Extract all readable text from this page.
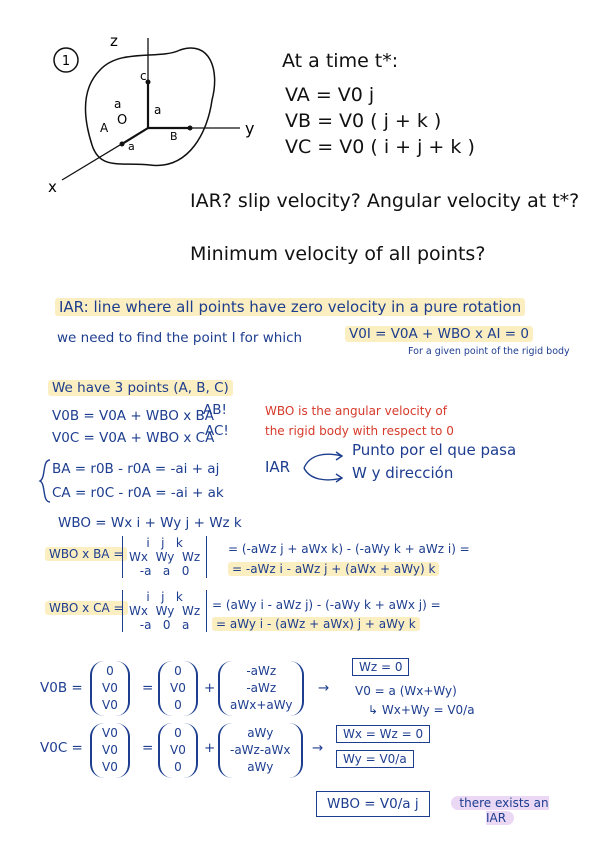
1
z
y
x
c
a	a
A O
B
a
At a time t*:
VA = V0 j
VB = V0 ( j + k )
VC = V0 ( i + j + k )
IAR? slip velocity? Angular velocity at t*?
Minimum velocity of all points?
IAR: line where all points have zero velocity in a pure rotation
we need to find the point I for which	V0I = V0A + WBO x AI = 0
For a given point of the rigid body
We have 3 points (A, B, C)
V0B = V0A + WBO x BA
AB!
V0C = V0A + WBO x CA
AC!
WBO is the angular velocity of
the rigid body with respect to 0
IAR
Punto por el que pasa
W y dirección
BA = r0B - r0A = -ai + aj
CA = r0C - r0A = -ai + ak
WBO = Wx i + Wy j + Wz k
WBO x BA =
i   j   k
Wx  Wy  Wz
-a   a   0
= (-aWz j + aWx k) - (-aWy k + aWz i) =
= -aWz i - aWz j + (aWx + aWy) k
WBO x CA =
i   j   k
Wx  Wy  Wz
-a   0   a
= (aWy i - aWz j) - (-aWy k + aWx j) =
= aWy i - (aWz + aWx) j + aWy k
V0B =
0
V0
V0
=
0
V0
0
+
-aWz
-aWz
aWx+aWy
→
Wz = 0
V0 = a (Wx+Wy)
↳ Wx+Wy = V0/a
V0C =
V0
V0
V0
=
0
V0
0
+
aWy
-aWz-aWx
aWy
→
Wx = Wz = 0
Wy = V0/a
WBO = V0/a j	there exists an IAR
